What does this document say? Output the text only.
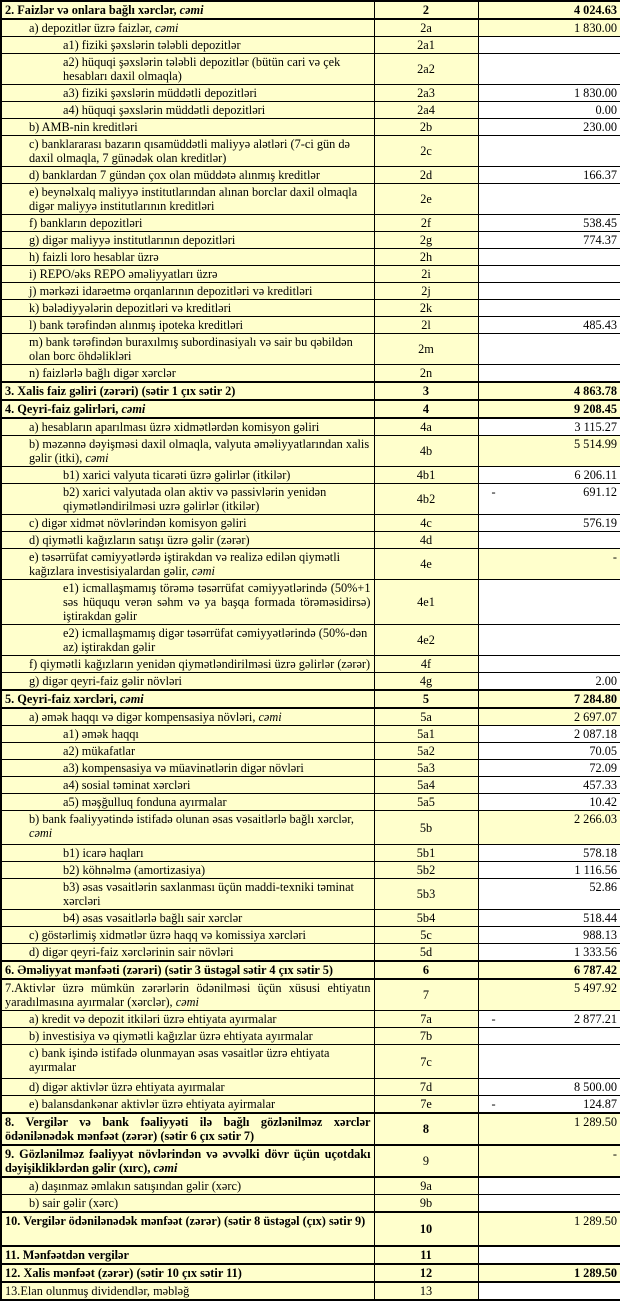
2. Faizlər və onlara bağlı xərclər, cəmi	2	4 024.63

a) depozitlər üzrə faizlər, cəmi	2a	1 830.00

a1) fiziki şəxslərin tələbli depozitlər	2a1	

a2) hüquqi şəxslərin tələbli depozitlər (bütün cari və çek hesabları daxil olmaqla)	2a2	

a3) fiziki şəxslərin müddətli depozitləri	2a3	1 830.00

a4) hüquqi şəxslərin müddətli depozitləri	2a4	0.00

b) AMB-nin kreditləri	2b	230.00

c) banklararası bazarın qısamüddətli maliyyə alətləri (7-ci gün də daxil olmaqla, 7 günədək olan kreditlər)	2c	

d) banklardan 7 gündən çox olan müddətə alınmış kreditlər	2d	166.37

e) beynəlxalq maliyyə institutlarından alınan borclar daxil olmaqla digər maliyyə institutlarının kreditləri	2e	

f) bankların depozitləri	2f	538.45

g) digər maliyyə institutlarının depozitləri	2g	774.37

h) faizli loro hesablar üzrə	2h	

i) REPO/əks REPO əməliyyatları üzrə	2i	

j) mərkəzi idarəetmə orqanlarının depozitləri və kreditləri	2j	

k) bələdiyyələrin depozitləri və kreditləri	2k	

l) bank tərəfindən alınmış ipoteka kreditləri	2l	485.43

m) bank tərəfindən buraxılmış subordinasiyalı və sair bu qəbildən olan borc öhdəlikləri	2m	

n) faizlərlə bağlı digər xərclər	2n	

3. Xalis faiz gəliri (zərəri) (sətir 1 çıx sətir 2)	3	4 863.78

4. Qeyri-faiz gəlirləri, cəmi	4	9 208.45

a) hesabların aparılması üzrə xidmətlərdən komisyon gəliri	4a	3 115.27

b) məzənnə dəyişməsi daxil olmaqla, valyuta əməliyyatlarından xalis gəlir (itki), cəmi	4b	5 514.99

b1) xarici valyuta ticarəti üzrə gəlirlər (itkilər)	4b1	6 206.11

b2) xarici valyutada olan aktiv və passivlərin yenidən qiymətləndirilməsi uzrə gəlirlər (itkilər)	4b2	- 691.12

c) digər xidmət növlərindən komisyon gəliri	4c	576.19

d) qiymətli kağızların satışı üzrə gəlir (zərər)	4d	

e) təsərrüfat cəmiyyətlərdə iştirakdan və realizə edilən qiymətli kağızlara investisiyalardan gəlir, cəmi	4e	-

e1) icmallaşmamış törəmə təsərrüfat cəmiyyətlərində (50%+1 səs hüququ verən səhm və ya başqa formada törəməsidirsə) iştirakdan gəlir	4e1	

e2) icmallaşmamış digər təsərrüfat cəmiyyətlərində (50%-dən az) iştirakdan gəlir	4e2	

f) qiymətli kağızların yenidən qiymətləndirilməsi üzrə gəlirlər (zərər)	4f	

g) digər qeyri-faiz gəlir növləri	4g	2.00

5. Qeyri-faiz xərcləri, cəmi	5	7 284.80

a) əmək haqqı və digər kompensasiya növləri, cəmi	5a	2 697.07

a1) əmək haqqı	5a1	2 087.18

a2) mükafatlar	5a2	70.05

a3) kompensasiya və müavinətlərin digər növləri	5a3	72.09

a4) sosial təminat xərcləri	5a4	457.33

a5) məşğulluq fonduna ayırmalar	5a5	10.42

b) bank fəaliyyətində istifadə olunan əsas vəsaitlərlə bağlı xərclər, cəmi	5b	2 266.03

b1) icarə haqları	5b1	578.18

b2) köhnəlmə (amortizasiya)	5b2	1 116.56

b3) əsas vəsaitlərin saxlanması üçün maddi-texniki təminat xərcləri	5b3	52.86

b4) əsas vəsaitlərlə bağlı sair xərclər	5b4	518.44

c) göstərlimiş xidmətlər üzrə haqq və komissiya xərcləri	5c	988.13

d) digər qeyri-faiz xərclərinin sair növləri	5d	1 333.56

6. Əməliyyat mənfəəti (zərəri) (sətir 3 üstəgəl sətir 4 çıx sətir 5)	6	6 787.42

7.Aktivlər üzrə mümkün zərərlərin ödənilməsi üçün xüsusi ehtiyatın yaradılmasına ayırmalar (xərclər), cəmi	7	5 497.92

a) kredit və depozit itkiləri üzrə ehtiyata ayırmalar	7a	- 2 877.21

b) investisiya və qiymətli kağızlar üzrə ehtiyata ayırmalar	7b	

c) bank işində istifadə olunmayan əsas vəsaitlər üzrə ehtiyata ayırmalar	7c	

d) digər aktivlər üzrə ehtiyata ayırmalar	7d	8 500.00

e) balansdankənar aktivlər üzrə ehtiyata ayirmalar	7e	- 124.87

8. Vergilər və bank fəaliyyəti ilə bağlı gözlənilməz xərclər ödənilənədək mənfəət (zərər) (sətir 6 çıx sətir 7)	8	1 289.50

9. Gözlənilməz fəaliyyət növlərindən və əvvəlki dövr üçün uçotdakı dəyişikliklərdən gəlir (xırc), cəmi	9	-

a) daşınmaz əmlakın satışından gəlir (xərc)	9a	

b) sair gəlir (xərc)	9b	

10. Vergilər ödənilənədək mənfəət (zərər) (sətir 8 üstəgəl (çıx) sətir 9)	10	1 289.50

11. Mənfəətdən vergilər	11	

12. Xalis mənfəət (zərər) (sətir 10 çıx sətir 11)	12	1 289.50

13.Elan olunmuş dividendlər, məbləğ	13	
